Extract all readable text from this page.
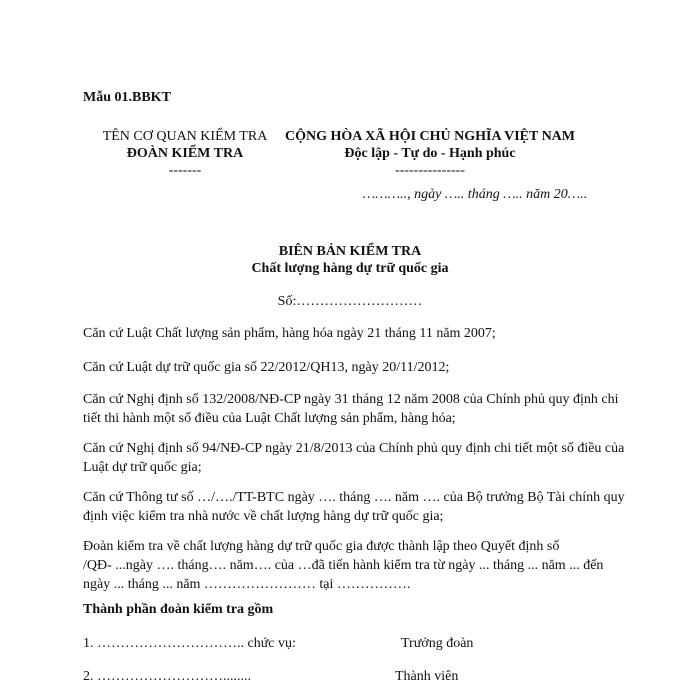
Mẫu 01.BBKT
TÊN CƠ QUAN KIỂM TRA
ĐOÀN KIỂM TRA
-------
CỘNG HÒA XÃ HỘI CHỦ NGHĨA VIỆT NAM
Độc lập - Tự do - Hạnh phúc
---------------
……….., ngày ….. tháng ….. năm 20…..
BIÊN BẢN KIỂM TRA
Chất lượng hàng dự trữ quốc gia
Số:………………………
Căn cứ Luật Chất lượng sản phẩm, hàng hóa ngày 21 tháng 11 năm 2007;
Căn cứ Luật dự trữ quốc gia số 22/2012/QH13, ngày 20/11/2012;
Căn cứ Nghị định số 132/2008/NĐ-CP ngày 31 tháng 12 năm 2008 của Chính phủ quy định chi
tiết thi hành một số điều của Luật Chất lượng sản phẩm, hàng hóa;
Căn cứ Nghị định số 94/NĐ-CP ngày 21/8/2013 của Chính phủ quy định chi tiết một số điều của
Luật dự trữ quốc gia;
Căn cứ Thông tư số …/…./TT-BTC ngày …. tháng …. năm …. của Bộ trưởng Bộ Tài chính quy
định việc kiểm tra nhà nước về chất lượng hàng dự trữ quốc gia;
Đoàn kiểm tra về chất lượng hàng dự trữ quốc gia được thành lập theo Quyết định số
/QĐ- ...ngày …. tháng…. năm…. của …đã tiến hành kiểm tra từ ngày ... tháng ... năm ... đến
ngày ... tháng ... năm …………………… tại …………….
Thành phần đoàn kiểm tra gồm
1. ………………………….. chức vụ:	Trưởng đoàn
2. ………………………........	Thành viên
